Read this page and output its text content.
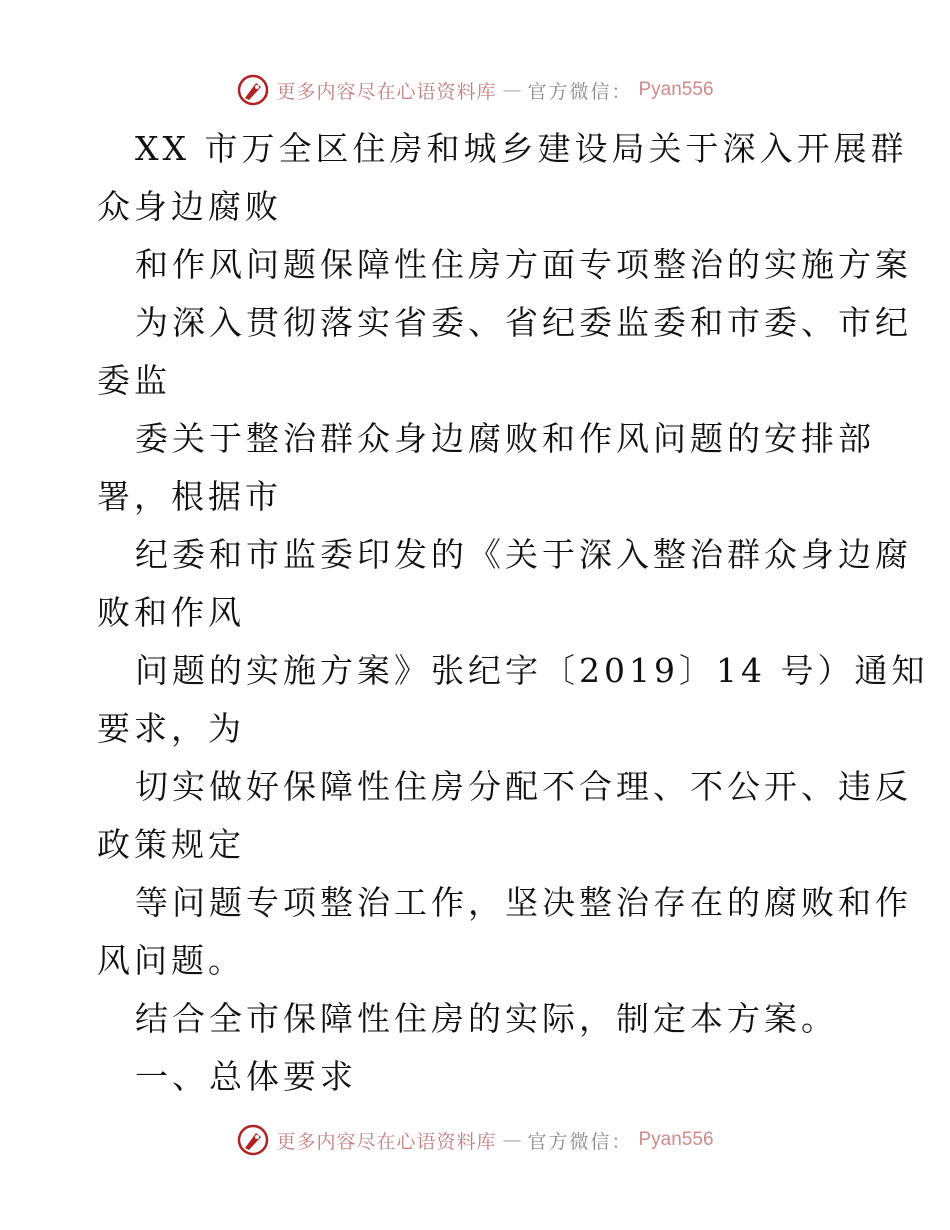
更多内容尽在心语资料库 — 官方微信： Pyan556
XX 市万全区住房和城乡建设局关于深入开展群
众身边腐败
和作风问题保障性住房方面专项整治的实施方案
为深入贯彻落实省委、省纪委监委和市委、市纪
委监
委关于整治群众身边腐败和作风问题的安排部
署，根据市
纪委和市监委印发的《关于深入整治群众身边腐
败和作风
问题的实施方案》张纪字〔2019〕14 号）通知
要求，为
切实做好保障性住房分配不合理、不公开、违反
政策规定
等问题专项整治工作，坚决整治存在的腐败和作
风问题。
结合全市保障性住房的实际，制定本方案。
一、总体要求
更多内容尽在心语资料库 — 官方微信： Pyan556
